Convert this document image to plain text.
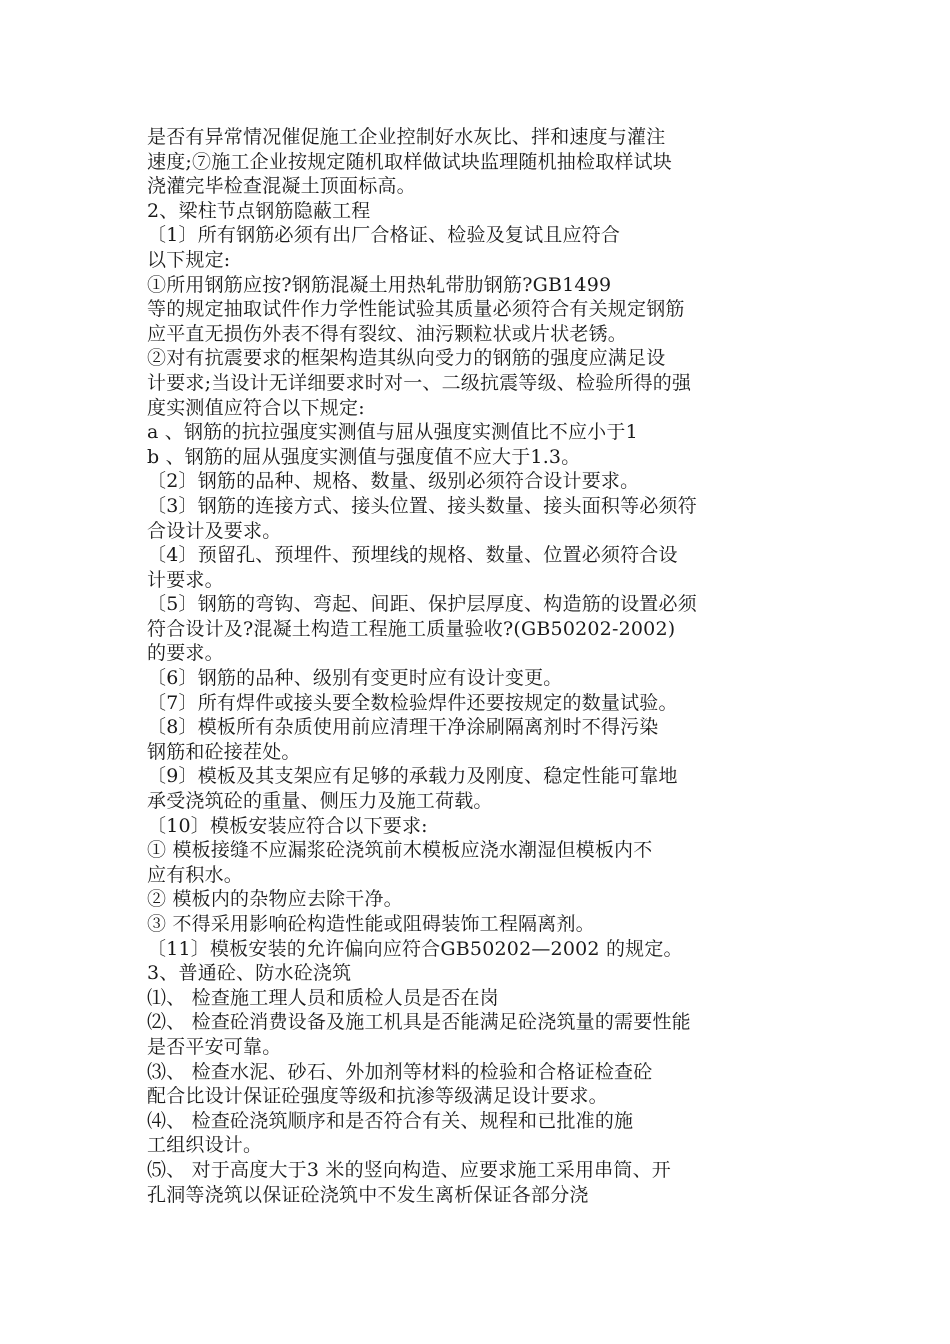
是否有异常情况催促施工企业控制好水灰比、拌和速度与灌注
速度;⑦施工企业按规定随机取样做试块监理随机抽检取样试块
浇灌完毕检查混凝土顶面标高。
2、梁柱节点钢筋隐蔽工程
〔1〕所有钢筋必须有出厂合格证、检验及复试且应符合
以下规定:
①所用钢筋应按?钢筋混凝土用热轧带肋钢筋?GB1499
等的规定抽取试件作力学性能试验其质量必须符合有关规定钢筋
应平直无损伤外表不得有裂纹、油污颗粒状或片状老锈。
②对有抗震要求的框架构造其纵向受力的钢筋的强度应满足设
计要求;当设计无详细要求时对一、二级抗震等级、检验所得的强
度实测值应符合以下规定:
a 、钢筋的抗拉强度实测值与屈从强度实测值比不应小于1
b 、钢筋的屈从强度实测值与强度值不应大于1.3。
〔2〕钢筋的品种、规格、数量、级别必须符合设计要求。
〔3〕钢筋的连接方式、接头位置、接头数量、接头面积等必须符
合设计及要求。
〔4〕预留孔、预埋件、预埋线的规格、数量、位置必须符合设
计要求。
〔5〕钢筋的弯钩、弯起、间距、保护层厚度、构造筋的设置必须
符合设计及?混凝土构造工程施工质量验收?(GB50202-2002)
的要求。
〔6〕钢筋的品种、级别有变更时应有设计变更。
〔7〕所有焊件或接头要全数检验焊件还要按规定的数量试验。
〔8〕模板所有杂质使用前应清理干净涂刷隔离剂时不得污染
钢筋和砼接茬处。
〔9〕模板及其支架应有足够的承载力及刚度、稳定性能可靠地
承受浇筑砼的重量、侧压力及施工荷载。
〔10〕模板安装应符合以下要求:
① 模板接缝不应漏浆砼浇筑前木模板应浇水潮湿但模板内不
应有积水。
② 模板内的杂物应去除干净。
③ 不得采用影响砼构造性能或阻碍装饰工程隔离剂。
〔11〕模板安装的允许偏向应符合GB50202—2002 的规定。
3、普通砼、防水砼浇筑
⑴、 检查施工理人员和质检人员是否在岗
⑵、 检查砼消费设备及施工机具是否能满足砼浇筑量的需要性能
是否平安可靠。
⑶、 检查水泥、砂石、外加剂等材料的检验和合格证检查砼
配合比设计保证砼强度等级和抗渗等级满足设计要求。
⑷、 检查砼浇筑顺序和是否符合有关、规程和已批准的施
工组织设计。
⑸、 对于高度大于3 米的竖向构造、应要求施工采用串筒、开
孔洞等浇筑以保证砼浇筑中不发生离析保证各部分浇
